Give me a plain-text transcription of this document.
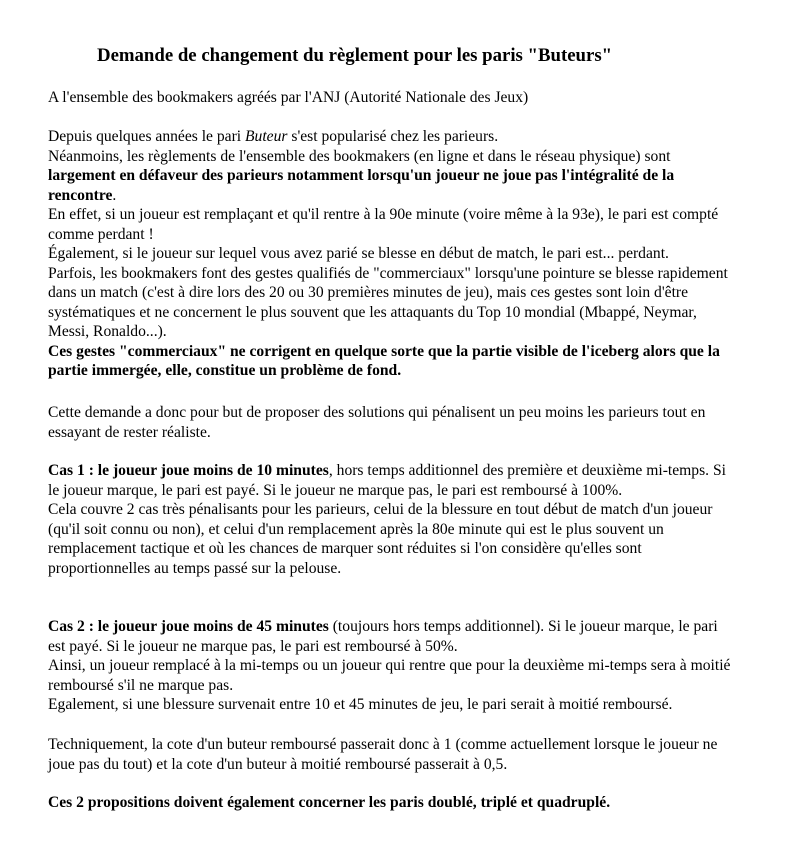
Demande de changement du règlement pour les paris "Buteurs"

A l'ensemble des bookmakers agréés par l'ANJ (Autorité Nationale des Jeux)

Depuis quelques années le pari Buteur s'est popularisé chez les parieurs.
Néanmoins, les règlements de l'ensemble des bookmakers (en ligne et dans le réseau physique) sont largement en défaveur des parieurs notamment lorsqu'un joueur ne joue pas l'intégralité de la rencontre.
En effet, si un joueur est remplaçant et qu'il rentre à la 90e minute (voire même à la 93e), le pari est compté comme perdant !
Également, si le joueur sur lequel vous avez parié se blesse en début de match, le pari est... perdant.
Parfois, les bookmakers font des gestes qualifiés de "commerciaux" lorsqu'une pointure se blesse rapidement dans un match (c'est à dire lors des 20 ou 30 premières minutes de jeu), mais ces gestes sont loin d'être systématiques et ne concernent le plus souvent que les attaquants du Top 10 mondial (Mbappé, Neymar, Messi, Ronaldo...).
Ces gestes "commerciaux" ne corrigent en quelque sorte que la partie visible de l'iceberg alors que la partie immergée, elle, constitue un problème de fond.

Cette demande a donc pour but de proposer des solutions qui pénalisent un peu moins les parieurs tout en essayant de rester réaliste.

Cas 1 : le joueur joue moins de 10 minutes, hors temps additionnel des première et deuxième mi-temps. Si le joueur marque, le pari est payé. Si le joueur ne marque pas, le pari est remboursé à 100%.
Cela couvre 2 cas très pénalisants pour les parieurs, celui de la blessure en tout début de match d'un joueur (qu'il soit connu ou non), et celui d'un remplacement après la 80e minute qui est le plus souvent un remplacement tactique et où les chances de marquer sont réduites si l'on considère qu'elles sont proportionnelles au temps passé sur la pelouse.

Cas 2 : le joueur joue moins de 45 minutes (toujours hors temps additionnel). Si le joueur marque, le pari est payé. Si le joueur ne marque pas, le pari est remboursé à 50%.
Ainsi, un joueur remplacé à la mi-temps ou un joueur qui rentre que pour la deuxième mi-temps sera à moitié remboursé s'il ne marque pas.
Egalement, si une blessure survenait entre 10 et 45 minutes de jeu, le pari serait à moitié remboursé.

Techniquement, la cote d'un buteur remboursé passerait donc à 1 (comme actuellement lorsque le joueur ne joue pas du tout) et la cote d'un buteur à moitié remboursé passerait à 0,5.

Ces 2 propositions doivent également concerner les paris doublé, triplé et quadruplé.
